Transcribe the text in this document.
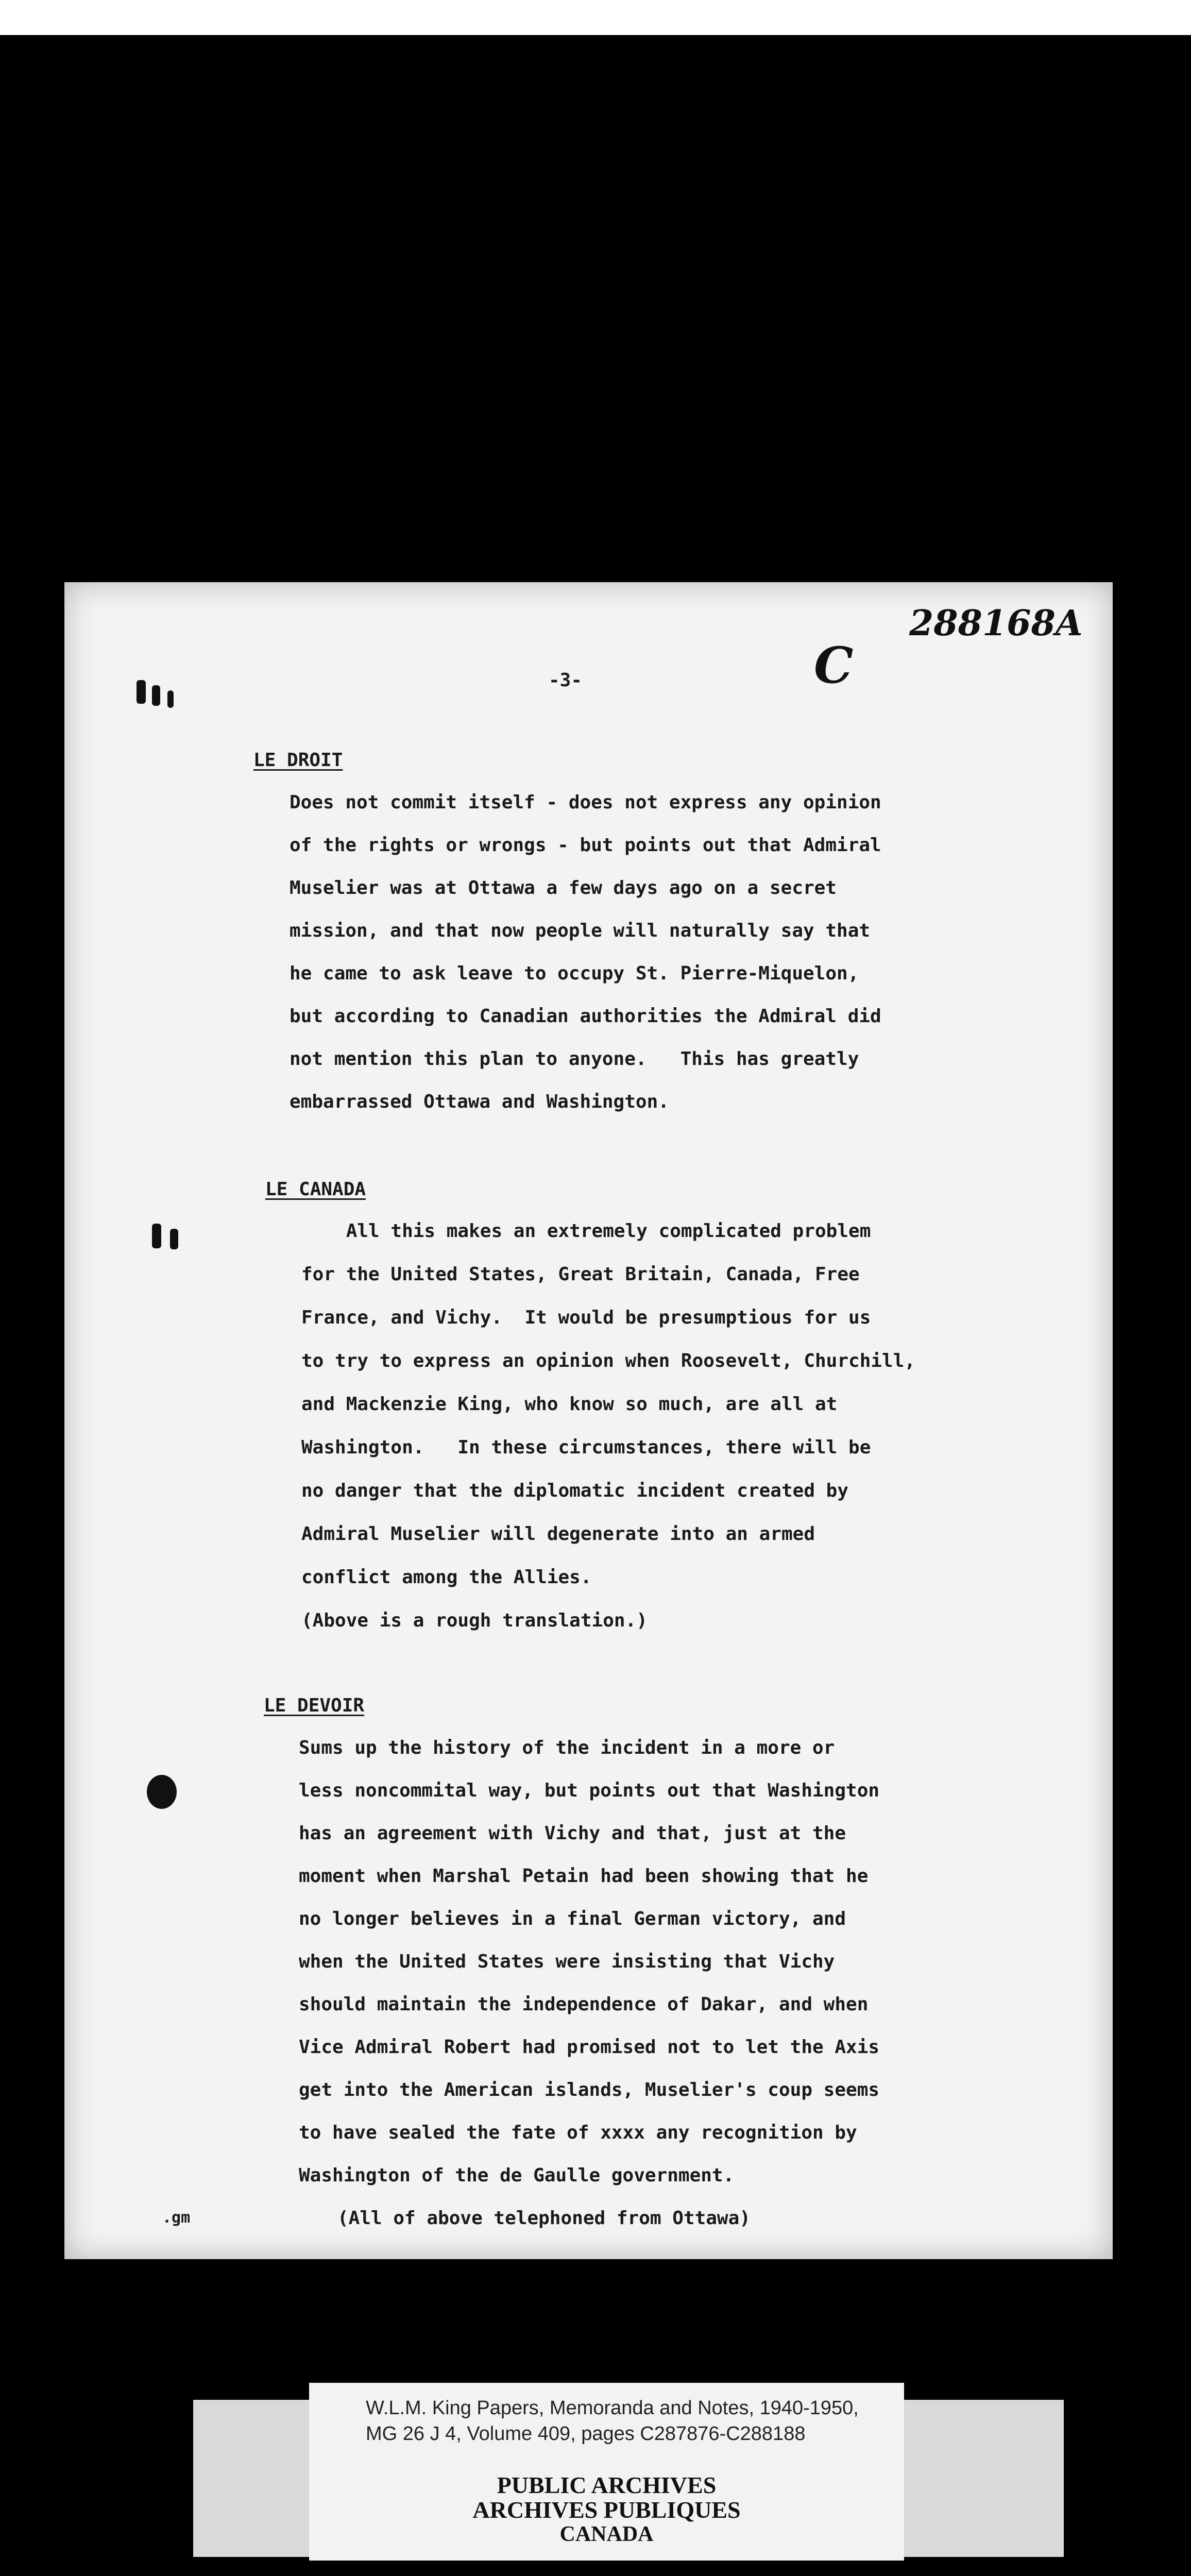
288168A
C
-3-
LE DROIT
Does not commit itself - does not express any opinion
of the rights or wrongs - but points out that Admiral
Muselier was at Ottawa a few days ago on a secret
mission, and that now people will naturally say that
he came to ask leave to occupy St. Pierre-Miquelon,
but according to Canadian authorities the Admiral did
not mention this plan to anyone.   This has greatly
embarrassed Ottawa and Washington.
LE CANADA
All this makes an extremely complicated problem
for the United States, Great Britain, Canada, Free
France, and Vichy.  It would be presumptious for us
to try to express an opinion when Roosevelt, Churchill,
and Mackenzie King, who know so much, are all at
Washington.   In these circumstances, there will be
no danger that the diplomatic incident created by
Admiral Muselier will degenerate into an armed
conflict among the Allies.
(Above is a rough translation.)
LE DEVOIR
Sums up the history of the incident in a more or
less noncommital way, but points out that Washington
has an agreement with Vichy and that, just at the
moment when Marshal Petain had been showing that he
no longer believes in a final German victory, and
when the United States were insisting that Vichy
should maintain the independence of Dakar, and when
Vice Admiral Robert had promised not to let the Axis
get into the American islands, Muselier's coup seems
to have sealed the fate of xxxx any recognition by
Washington of the de Gaulle government.
.gm	(All of above telephoned from Ottawa)
W.L.M. King Papers, Memoranda and Notes, 1940-1950,
MG 26 J 4, Volume 409, pages C287876-C288188
PUBLIC ARCHIVES
ARCHIVES PUBLIQUES
CANADA
